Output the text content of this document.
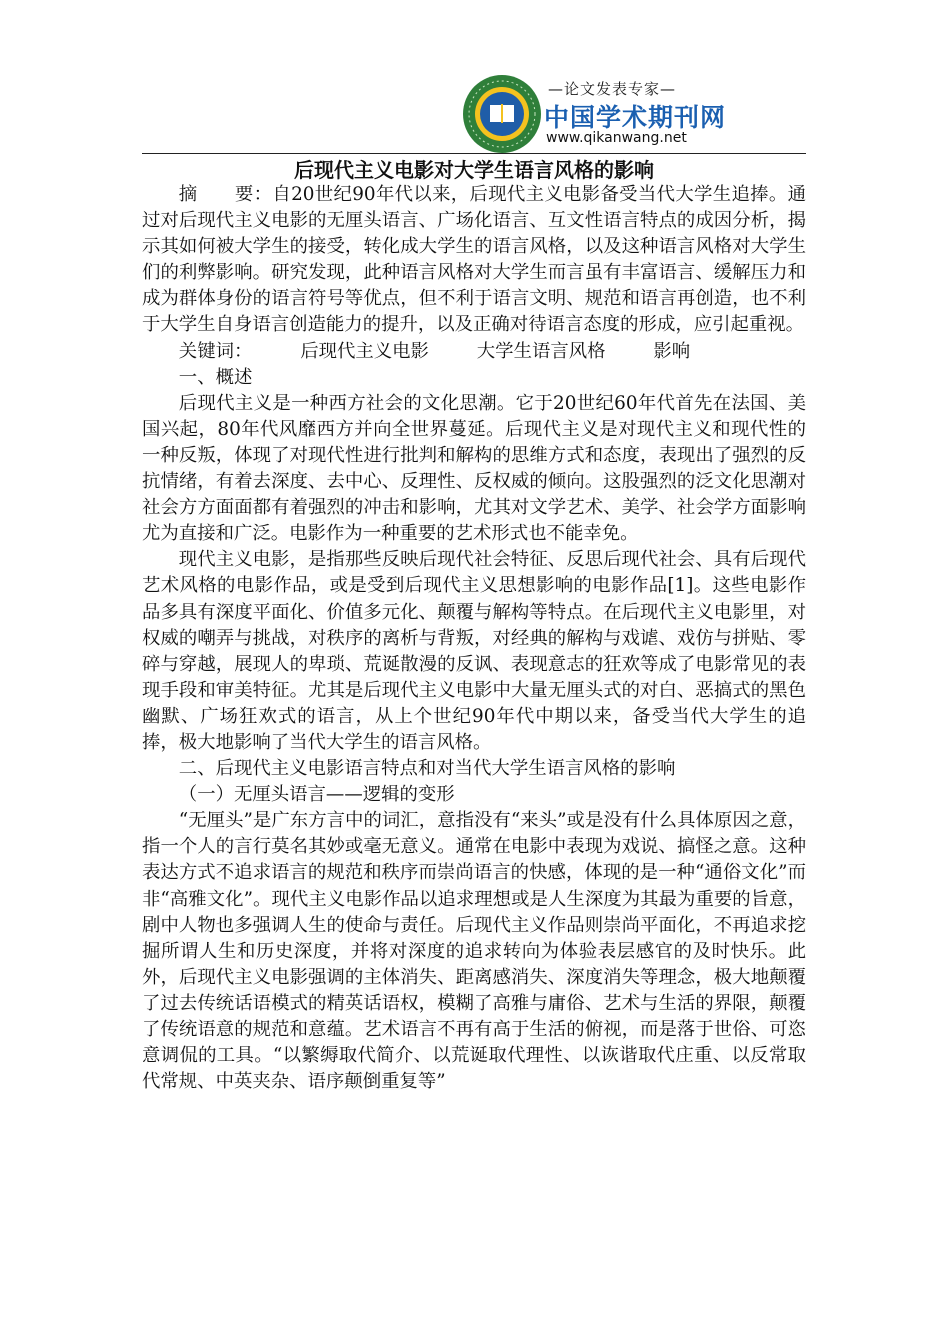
—论文发表专家—
中国学术期刊网
www.qikanwang.net
后现代主义电影对大学生语言风格的影响

摘　　要：自20世纪90年代以来，后现代主义电影备受当代大学生追捧。通过对后现代主义电影的无厘头语言、广场化语言、互文性语言特点的成因分析，揭示其如何被大学生的接受，转化成大学生的语言风格，以及这种语言风格对大学生们的利弊影响。研究发现，此种语言风格对大学生而言虽有丰富语言、缓解压力和成为群体身份的语言符号等优点，但不利于语言文明、规范和语言再创造，也不利于大学生自身语言创造能力的提升，以及正确对待语言态度的形成，应引起重视。

关键词：	后现代主义电影	大学生语言风格	影响

一、概述

后现代主义是一种西方社会的文化思潮。它于20世纪60年代首先在法国、美国兴起，80年代风靡西方并向全世界蔓延。后现代主义是对现代主义和现代性的一种反叛，体现了对现代性进行批判和解构的思维方式和态度，表现出了强烈的反抗情绪，有着去深度、去中心、反理性、反权威的倾向。这股强烈的泛文化思潮对社会方方面面都有着强烈的冲击和影响，尤其对文学艺术、美学、社会学方面影响尤为直接和广泛。电影作为一种重要的艺术形式也不能幸免。

现代主义电影，是指那些反映后现代社会特征、反思后现代社会、具有后现代艺术风格的电影作品，或是受到后现代主义思想影响的电影作品[1]。这些电影作品多具有深度平面化、价值多元化、颠覆与解构等特点。在后现代主义电影里，对权威的嘲弄与挑战，对秩序的离析与背叛，对经典的解构与戏谑、戏仿与拼贴、零碎与穿越，展现人的卑琐、荒诞散漫的反讽、表现意志的狂欢等成了电影常见的表现手段和审美特征。尤其是后现代主义电影中大量无厘头式的对白、恶搞式的黑色幽默、广场狂欢式的语言，从上个世纪90年代中期以来，备受当代大学生的追捧，极大地影响了当代大学生的语言风格。

二、后现代主义电影语言特点和对当代大学生语言风格的影响

（一）无厘头语言——逻辑的变形

“无厘头”是广东方言中的词汇，意指没有“来头”或是没有什么具体原因之意，指一个人的言行莫名其妙或毫无意义。通常在电影中表现为戏说、搞怪之意。这种表达方式不追求语言的规范和秩序而崇尚语言的快感，体现的是一种“通俗文化”而非“高雅文化”。现代主义电影作品以追求理想或是人生深度为其最为重要的旨意，剧中人物也多强调人生的使命与责任。后现代主义作品则崇尚平面化，不再追求挖掘所谓人生和历史深度，并将对深度的追求转向为体验表层感官的及时快乐。此外，后现代主义电影强调的主体消失、距离感消失、深度消失等理念，极大地颠覆了过去传统话语模式的精英话语权，模糊了高雅与庸俗、艺术与生活的界限，颠覆了传统语意的规范和意蕴。艺术语言不再有高于生活的俯视，而是落于世俗、可恣意调侃的工具。“以繁缛取代简介、以荒诞取代理性、以诙谐取代庄重、以反常取代常规、中英夹杂、语序颠倒重复等”
